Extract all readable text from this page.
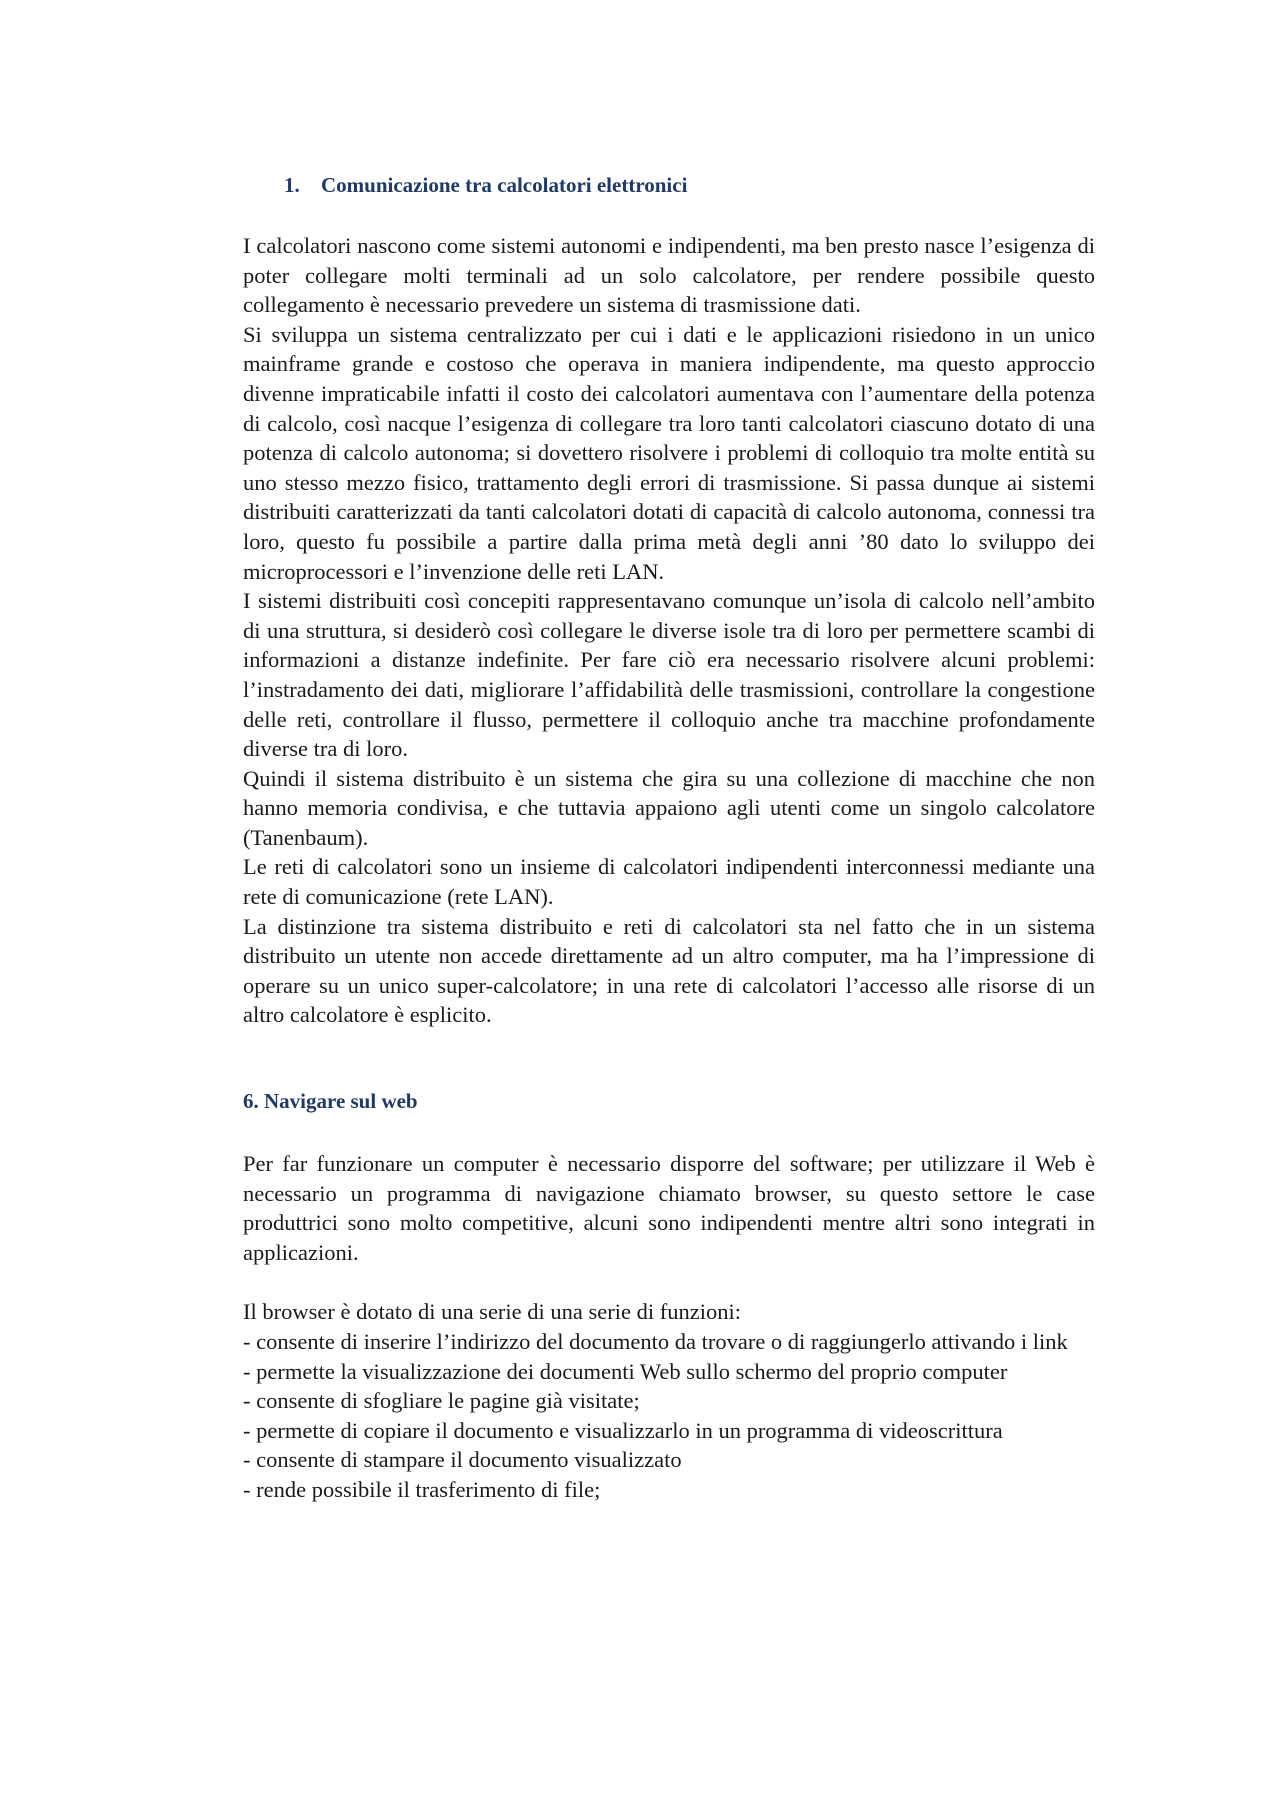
1. Comunicazione tra calcolatori elettronici

I calcolatori nascono come sistemi autonomi e indipendenti, ma ben presto nasce l’esigenza di poter collegare molti terminali ad un solo calcolatore, per rendere possibile questo collegamento è necessario prevedere un sistema di trasmissione dati.

Si sviluppa un sistema centralizzato per cui i dati e le applicazioni risiedono in un unico mainframe grande e costoso che operava in maniera indipendente, ma questo approccio divenne impraticabile infatti il costo dei calcolatori aumentava con l’aumentare della potenza di calcolo, così nacque l’esigenza di collegare tra loro tanti calcolatori ciascuno dotato di una potenza di calcolo autonoma; si dovettero risolvere i problemi di colloquio tra molte entità su uno stesso mezzo fisico, trattamento degli errori di trasmissione. Si passa dunque ai sistemi distribuiti caratterizzati da tanti calcolatori dotati di capacità di calcolo autonoma, connessi tra loro, questo fu possibile a partire dalla prima metà degli anni ’80 dato lo sviluppo dei microprocessori e l’invenzione delle reti LAN.

I sistemi distribuiti così concepiti rappresentavano comunque un’isola di calcolo nell’ambito di una struttura, si desiderò così collegare le diverse isole tra di loro per permettere scambi di informazioni a distanze indefinite. Per fare ciò era necessario risolvere alcuni problemi: l’instradamento dei dati, migliorare l’affidabilità delle trasmissioni, controllare la congestione delle reti, controllare il flusso, permettere il colloquio anche tra macchine profondamente diverse tra di loro.

Quindi il sistema distribuito è un sistema che gira su una collezione di macchine che non hanno memoria condivisa, e che tuttavia appaiono agli utenti come un singolo calcolatore (Tanenbaum).

Le reti di calcolatori sono un insieme di calcolatori indipendenti interconnessi mediante una rete di comunicazione (rete LAN).

La distinzione tra sistema distribuito e reti di calcolatori sta nel fatto che in un sistema distribuito un utente non accede direttamente ad un altro computer, ma ha l’impressione di operare su un unico super-calcolatore; in una rete di calcolatori l’accesso alle risorse di un altro calcolatore è esplicito.

6. Navigare sul web

Per far funzionare un computer è necessario disporre del software; per utilizzare il Web è necessario un programma di navigazione chiamato browser, su questo settore le case produttrici sono molto competitive, alcuni sono indipendenti mentre altri sono integrati in applicazioni.

Il browser è dotato di una serie di una serie di funzioni:

- consente di inserire l’indirizzo del documento da trovare o di raggiungerlo attivando i link

- permette la visualizzazione dei documenti Web sullo schermo del proprio computer

- consente di sfogliare le pagine già visitate;

- permette di copiare il documento e visualizzarlo in un programma di videoscrittura

- consente di stampare il documento visualizzato

- rende possibile il trasferimento di file;
